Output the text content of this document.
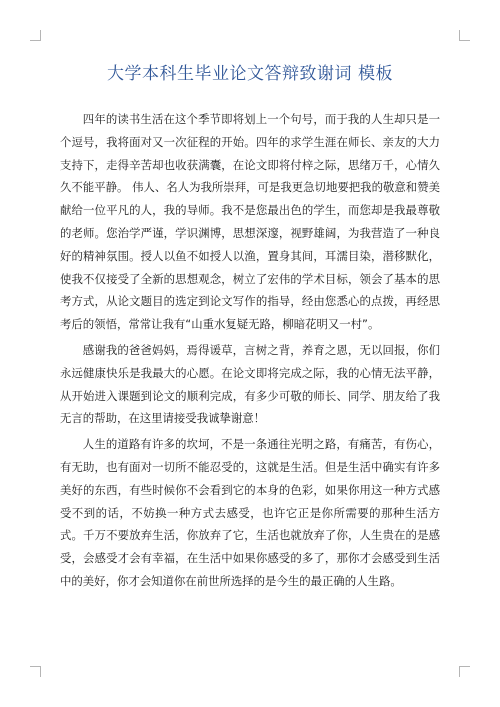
大学本科生毕业论文答辩致谢词 模板

四年的读书生活在这个季节即将划上一个句号，而于我的人生却只是一个逗号，我将面对又一次征程的开始。四年的求学生涯在师长、亲友的大力支持下，走得辛苦却也收获满囊，在论文即将付梓之际，思绪万千，心情久久不能平静。 伟人、名人为我所崇拜，可是我更急切地要把我的敬意和赞美献给一位平凡的人，我的导师。我不是您最出色的学生，而您却是我最尊敬的老师。您治学严谨，学识渊博，思想深邃，视野雄阔，为我营造了一种良好的精神氛围。授人以鱼不如授人以渔，置身其间，耳濡目染，潜移默化，使我不仅接受了全新的思想观念，树立了宏伟的学术目标，领会了基本的思考方式，从论文题目的选定到论文写作的指导，经由您悉心的点拨，再经思考后的领悟，常常让我有“山重水复疑无路，柳暗花明又一村”。

感谢我的爸爸妈妈，焉得谖草，言树之背，养育之恩，无以回报，你们永远健康快乐是我最大的心愿。在论文即将完成之际，我的心情无法平静，从开始进入课题到论文的顺利完成，有多少可敬的师长、同学、朋友给了我无言的帮助，在这里请接受我诚挚谢意！

人生的道路有许多的坎坷，不是一条通往光明之路，有痛苦，有伤心，有无助，也有面对一切所不能忍受的，这就是生活。但是生活中确实有许多美好的东西，有些时候你不会看到它的本身的色彩，如果你用这一种方式感受不到的话，不妨换一种方式去感受，也许它正是你所需要的那种生活方式。千万不要放弃生活，你放弃了它，生活也就放弃了你，人生贵在的是感受，会感受才会有幸福，在生活中如果你感受的多了，那你才会感受到生活中的美好，你才会知道你在前世所选择的是今生的最正确的人生路。
